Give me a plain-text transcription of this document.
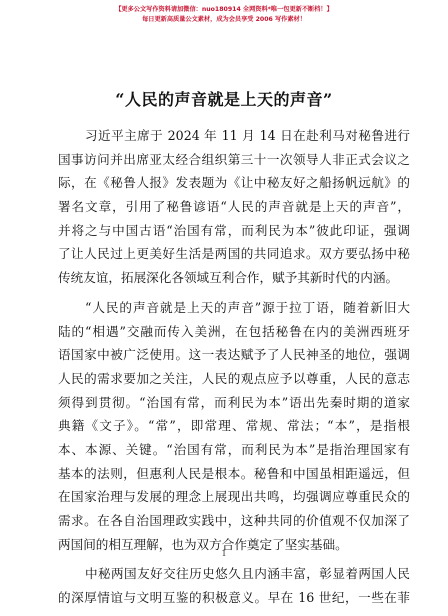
【更多公文写作资料请加微信：nuo180914 全网资料*唯一包更新不断档！】
每日更新高质量公文素材，成为会员享受 2006 写作素材！
“人民的声音就是上天的声音”
习近平主席于 2024 年 11 月 14 日在赴利马对秘鲁进行
国事访问并出席亚太经合组织第三十一次领导人非正式会议之
际，在《秘鲁人报》发表题为《让中秘友好之船扬帆远航》的
署名文章，引用了秘鲁谚语“人民的声音就是上天的声音”，
并将之与中国古语“治国有常，而利民为本”彼此印证，强调
了让人民过上更美好生活是两国的共同追求。双方要弘扬中秘
传统友谊，拓展深化各领域互利合作，赋予其新时代的内涵。
“人民的声音就是上天的声音”源于拉丁语，随着新旧大
陆的“相遇”交融而传入美洲，在包括秘鲁在内的美洲西班牙
语国家中被广泛使用。这一表达赋予了人民神圣的地位，强调
人民的需求要加之关注，人民的观点应予以尊重，人民的意志
须得到贯彻。“治国有常，而利民为本”语出先秦时期的道家
典籍《文子》。“常”，即常理、常规、常法；“本”，是指根
本、本源、关键。“治国有常，而利民为本”是指治理国家有
基本的法则，但惠利人民是根本。秘鲁和中国虽相距遥远，但
在国家治理与发展的理念上展现出共鸣，均强调应尊重民众的
需求。在各自治国理政实践中，这种共同的价值观不仅加深了
两国间的相互理解，也为双方合作奠定了坚实基础。
中秘两国友好交往历史悠久且内涵丰富，彰显着两国人民
的深厚情谊与文明互鉴的积极意义。早在 16 世纪，一些在菲
1
